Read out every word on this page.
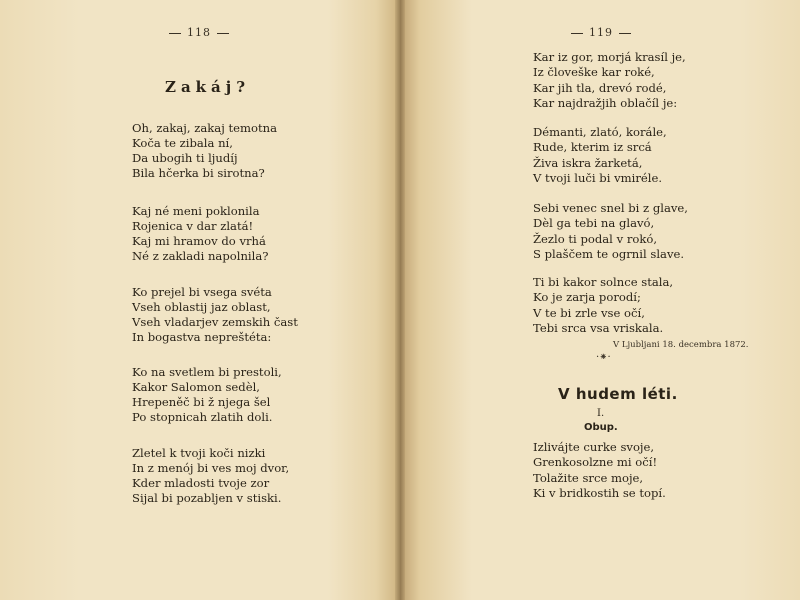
118
Zakáj?
Oh, zakaj, zakaj temotna
Koča te zibala ní,
Da ubogih ti ljudíj
Bila hčerka bi sirotna?
Kaj né meni poklonila
Rojenica v dar zlatá!
Kaj mi hramov do vrhá
Né z zakladi napolnila?
Ko prejel bi vsega svéta
Vseh oblastij jaz oblast,
Vseh vladarjev zemskih čast
In bogastva nepreštéta:
Ko na svetlem bi prestoli,
Kakor Salomon sedèl,
Hrepeněč bi ž njega šel
Po stopnicah zlatih doli.
Zletel k tvoji koči nizki
In z menój bi ves moj dvor,
Kder mladosti tvoje zor
Sijal bi pozabljen v stiski.
119
Kar iz gor, morjá krasíl je,
Iz človeške kar roké,
Kar jih tla, drevó rodé,
Kar najdražjih oblačíl je:
Démanti, zlató, korále,
Rude, kterim iz srcá
Živa iskra žarketá,
V tvoji luči bi vmiréle.
Sebi venec snel bi z glave,
Dèl ga tebi na glavó,
Žezlo ti podal v rokó,
S plaščem te ogrnil slave.
Ti bi kakor solnce stala,
Ko je zarja porodí;
V te bi zrle vse očí,
Tebi srca vsa vriskala.
V Ljubljani 18. decembra 1872.
·⁕·
V hudem léti.
I.
Obup.
Izlivájte curke svoje,
Grenkosolzne mi očí!
Tolažite srce moje,
Ki v bridkostih se topí.
